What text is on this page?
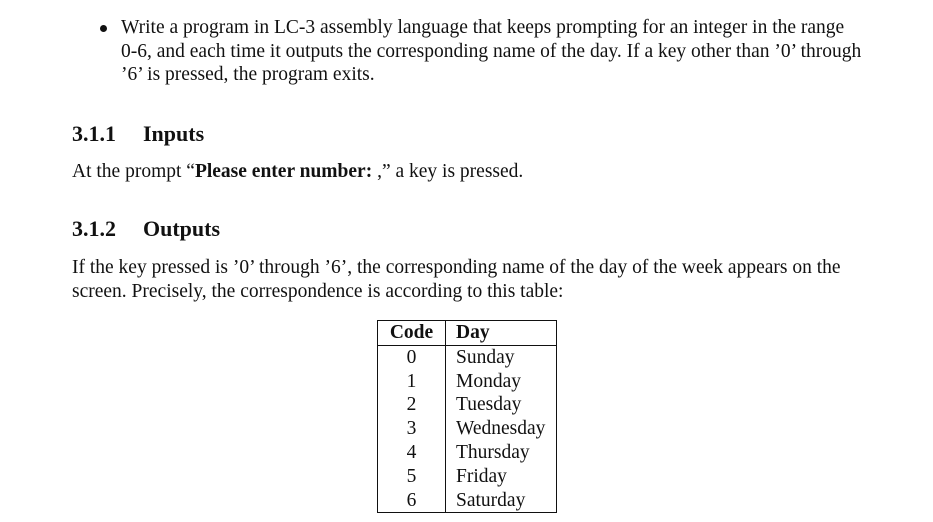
Write a program in LC-3 assembly language that keeps prompting for an integer in the range
0-6, and each time it outputs the corresponding name of the day. If a key other than ’0’ through
’6’ is pressed, the program exits.
3.1.1 Inputs
At the prompt “Please enter number: ,” a key is pressed.
3.1.2 Outputs
If the key pressed is ’0’ through ’6’, the corresponding name of the day of the week appears on the
screen. Precisely, the correspondence is according to this table:
Code	Day
0	Sunday
1	Monday
2	Tuesday
3	Wednesday
4	Thursday
5	Friday
6	Saturday
